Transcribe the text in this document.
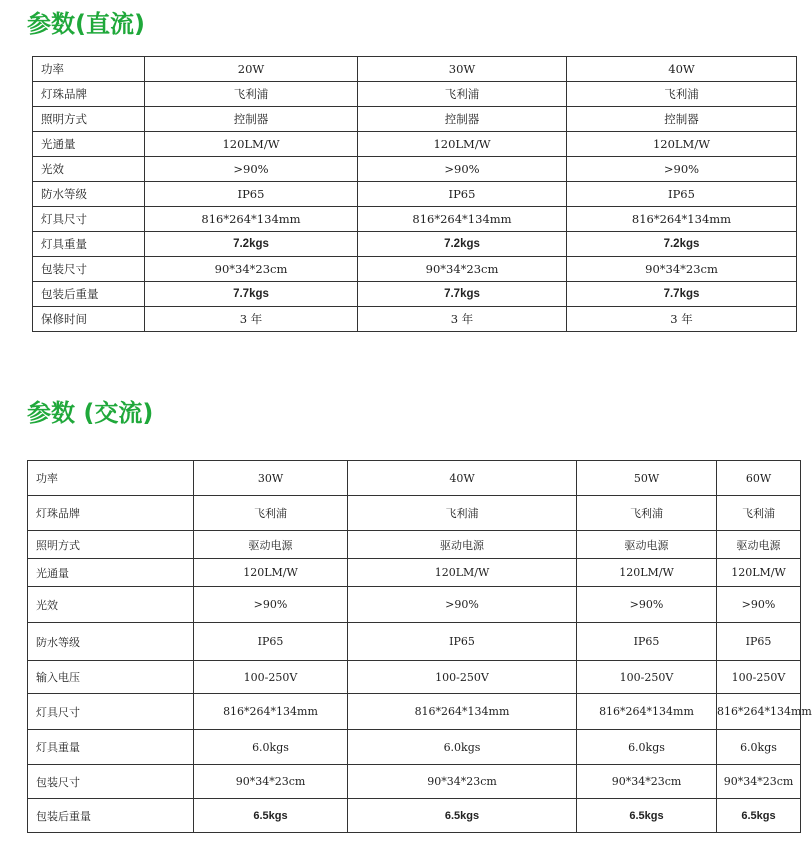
参数(直流)
功率	20W	30W	40W
灯珠品牌	飞利浦	飞利浦	飞利浦
照明方式	控制器	控制器	控制器
光通量	120LM/W	120LM/W	120LM/W
光效	>90%	>90%	>90%
防水等级	IP65	IP65	IP65
灯具尺寸	816*264*134mm	816*264*134mm	816*264*134mm
灯具重量	7.2kgs	7.2kgs	7.2kgs
包装尺寸	90*34*23cm	90*34*23cm	90*34*23cm
包装后重量	7.7kgs	7.7kgs	7.7kgs
保修时间	3 年	3 年	3 年
参数 (交流)
功率	30W	40W	50W	60W
灯珠品牌	飞利浦	飞利浦	飞利浦	飞利浦
照明方式	驱动电源	驱动电源	驱动电源	驱动电源
光通量	120LM/W	120LM/W	120LM/W	120LM/W
光效	>90%	>90%	>90%	>90%
防水等级	IP65	IP65	IP65	IP65
输入电压	100-250V	100-250V	100-250V	100-250V
灯具尺寸	816*264*134mm	816*264*134mm	816*264*134mm	816*264*134mm
灯具重量	6.0kgs	6.0kgs	6.0kgs	6.0kgs
包装尺寸	90*34*23cm	90*34*23cm	90*34*23cm	90*34*23cm
包装后重量	6.5kgs	6.5kgs	6.5kgs	6.5kgs
